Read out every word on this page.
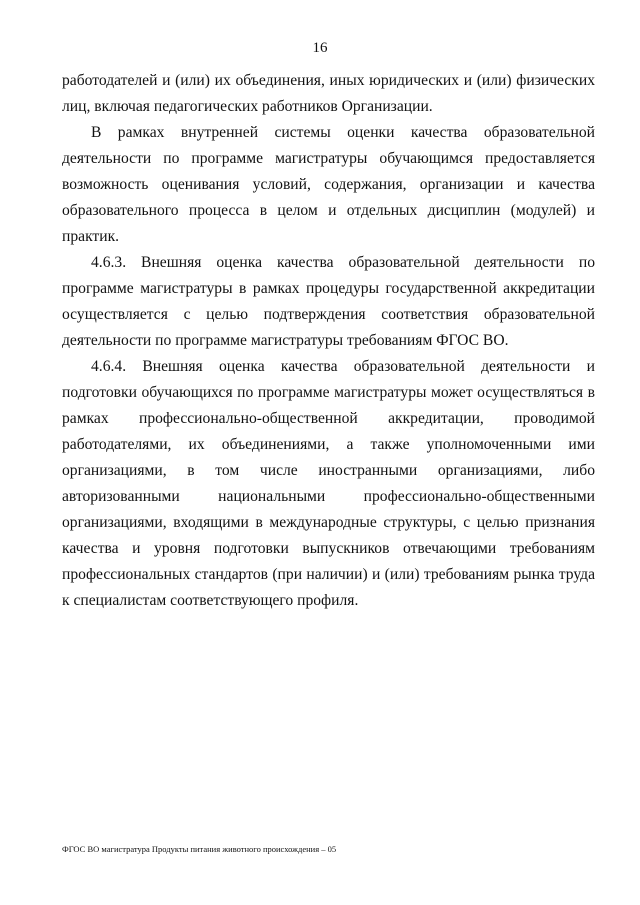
16

работодателей и (или) их объединения, иных юридических и (или) физических лиц, включая педагогических работников Организации.

В рамках внутренней системы оценки качества образовательной деятельности по программе магистратуры обучающимся предоставляется возможность оценивания условий, содержания, организации и качества образовательного процесса в целом и отдельных дисциплин (модулей) и практик.

4.6.3. Внешняя оценка качества образовательной деятельности по программе магистратуры в рамках процедуры государственной аккредитации осуществляется с целью подтверждения соответствия образовательной деятельности по программе магистратуры требованиям ФГОС ВО.

4.6.4. Внешняя оценка качества образовательной деятельности и подготовки обучающихся по программе магистратуры может осуществляться в рамках профессионально-общественной аккредитации, проводимой работодателями, их объединениями, а также уполномоченными ими организациями, в том числе иностранными организациями, либо авторизованными национальными профессионально-общественными организациями, входящими в международные структуры, с целью признания качества и уровня подготовки выпускников отвечающими требованиям профессиональных стандартов (при наличии) и (или) требованиям рынка труда к специалистам соответствующего профиля.

ФГОС ВО магистратура Продукты питания животного происхождения – 05
